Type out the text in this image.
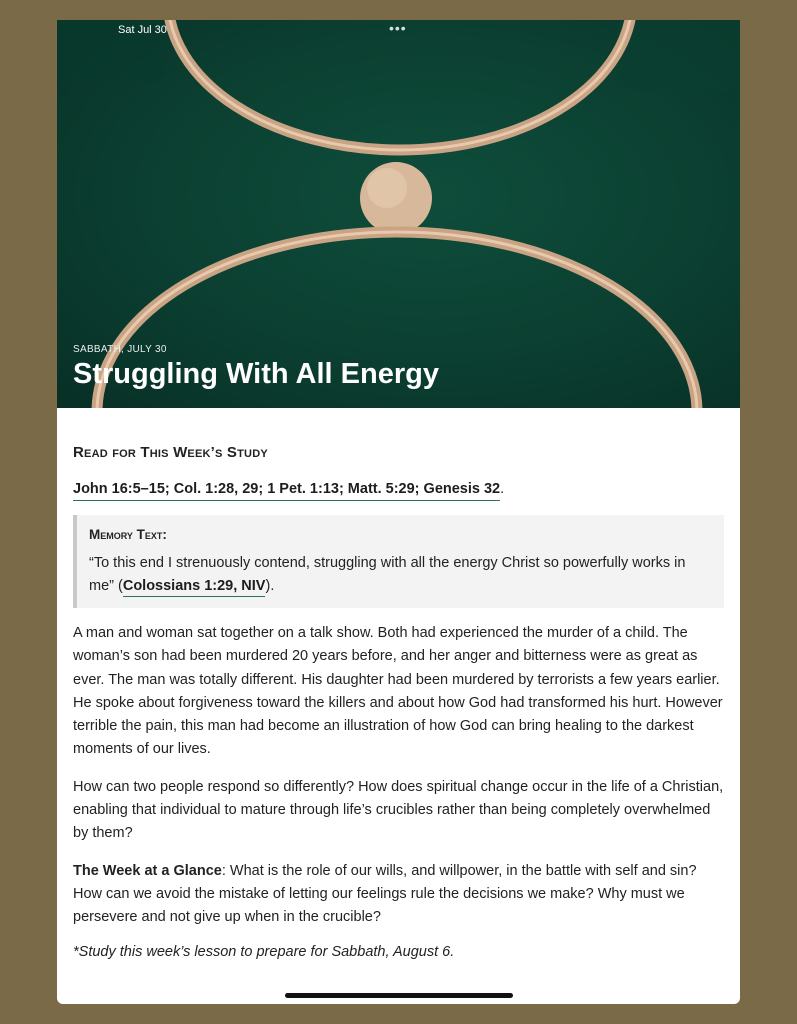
Sat Jul 30	•••
SABBATH, JULY 30
Struggling With All Energy
Read for This Week’s Study
John 16:5–15; Col. 1:28, 29; 1 Pet. 1:13; Matt. 5:29; Genesis 32.
Memory Text:
“To this end I strenuously contend, struggling with all the energy Christ so powerfully works in me” (Colossians 1:29, NIV).

A man and woman sat together on a talk show. Both had experienced the murder of a child. The woman’s son had been murdered 20 years before, and her anger and bitterness were as great as ever. The man was totally different. His daughter had been murdered by terrorists a few years earlier. He spoke about forgiveness toward the killers and about how God had transformed his hurt. However terrible the pain, this man had become an illustration of how God can bring healing to the darkest moments of our lives.

How can two people respond so differently? How does spiritual change occur in the life of a Christian, enabling that individual to mature through life’s crucibles rather than being completely overwhelmed by them?

The Week at a Glance: What is the role of our wills, and willpower, in the battle with self and sin? How can we avoid the mistake of letting our feelings rule the decisions we make? Why must we persevere and not give up when in the crucible?

*Study this week’s lesson to prepare for Sabbath, August 6.
